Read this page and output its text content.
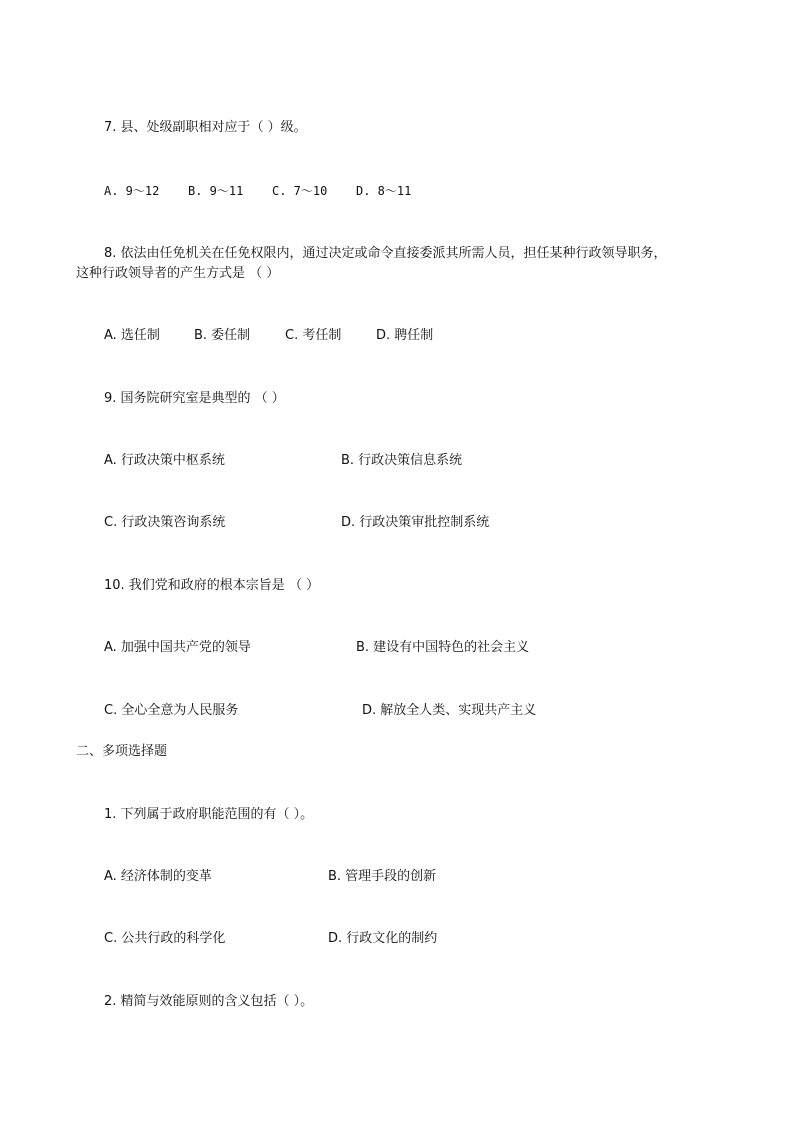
7. 县、处级副职相对应于（ ）级。
A. 9～12 B. 9～11 C. 7～10 D. 8～11
8. 依法由任免机关在任免权限内，通过决定或命令直接委派其所需人员，担任某种行政领导职务，
这种行政领导者的产生方式是 （ ）
A. 选任制	B. 委任制	C. 考任制	D. 聘任制
9. 国务院研究室是典型的 （ ）
A. 行政决策中枢系统	B. 行政决策信息系统
C. 行政决策咨询系统	D. 行政决策审批控制系统
10. 我们党和政府的根本宗旨是 （ ）
A. 加强中国共产党的领导	B. 建设有中国特色的社会主义
C. 全心全意为人民服务	D. 解放全人类、实现共产主义
二、多项选择题
1. 下列属于政府职能范围的有（ ）。
A. 经济体制的变革	B. 管理手段的创新
C. 公共行政的科学化	D. 行政文化的制约
2. 精简与效能原则的含义包括（ ）。
